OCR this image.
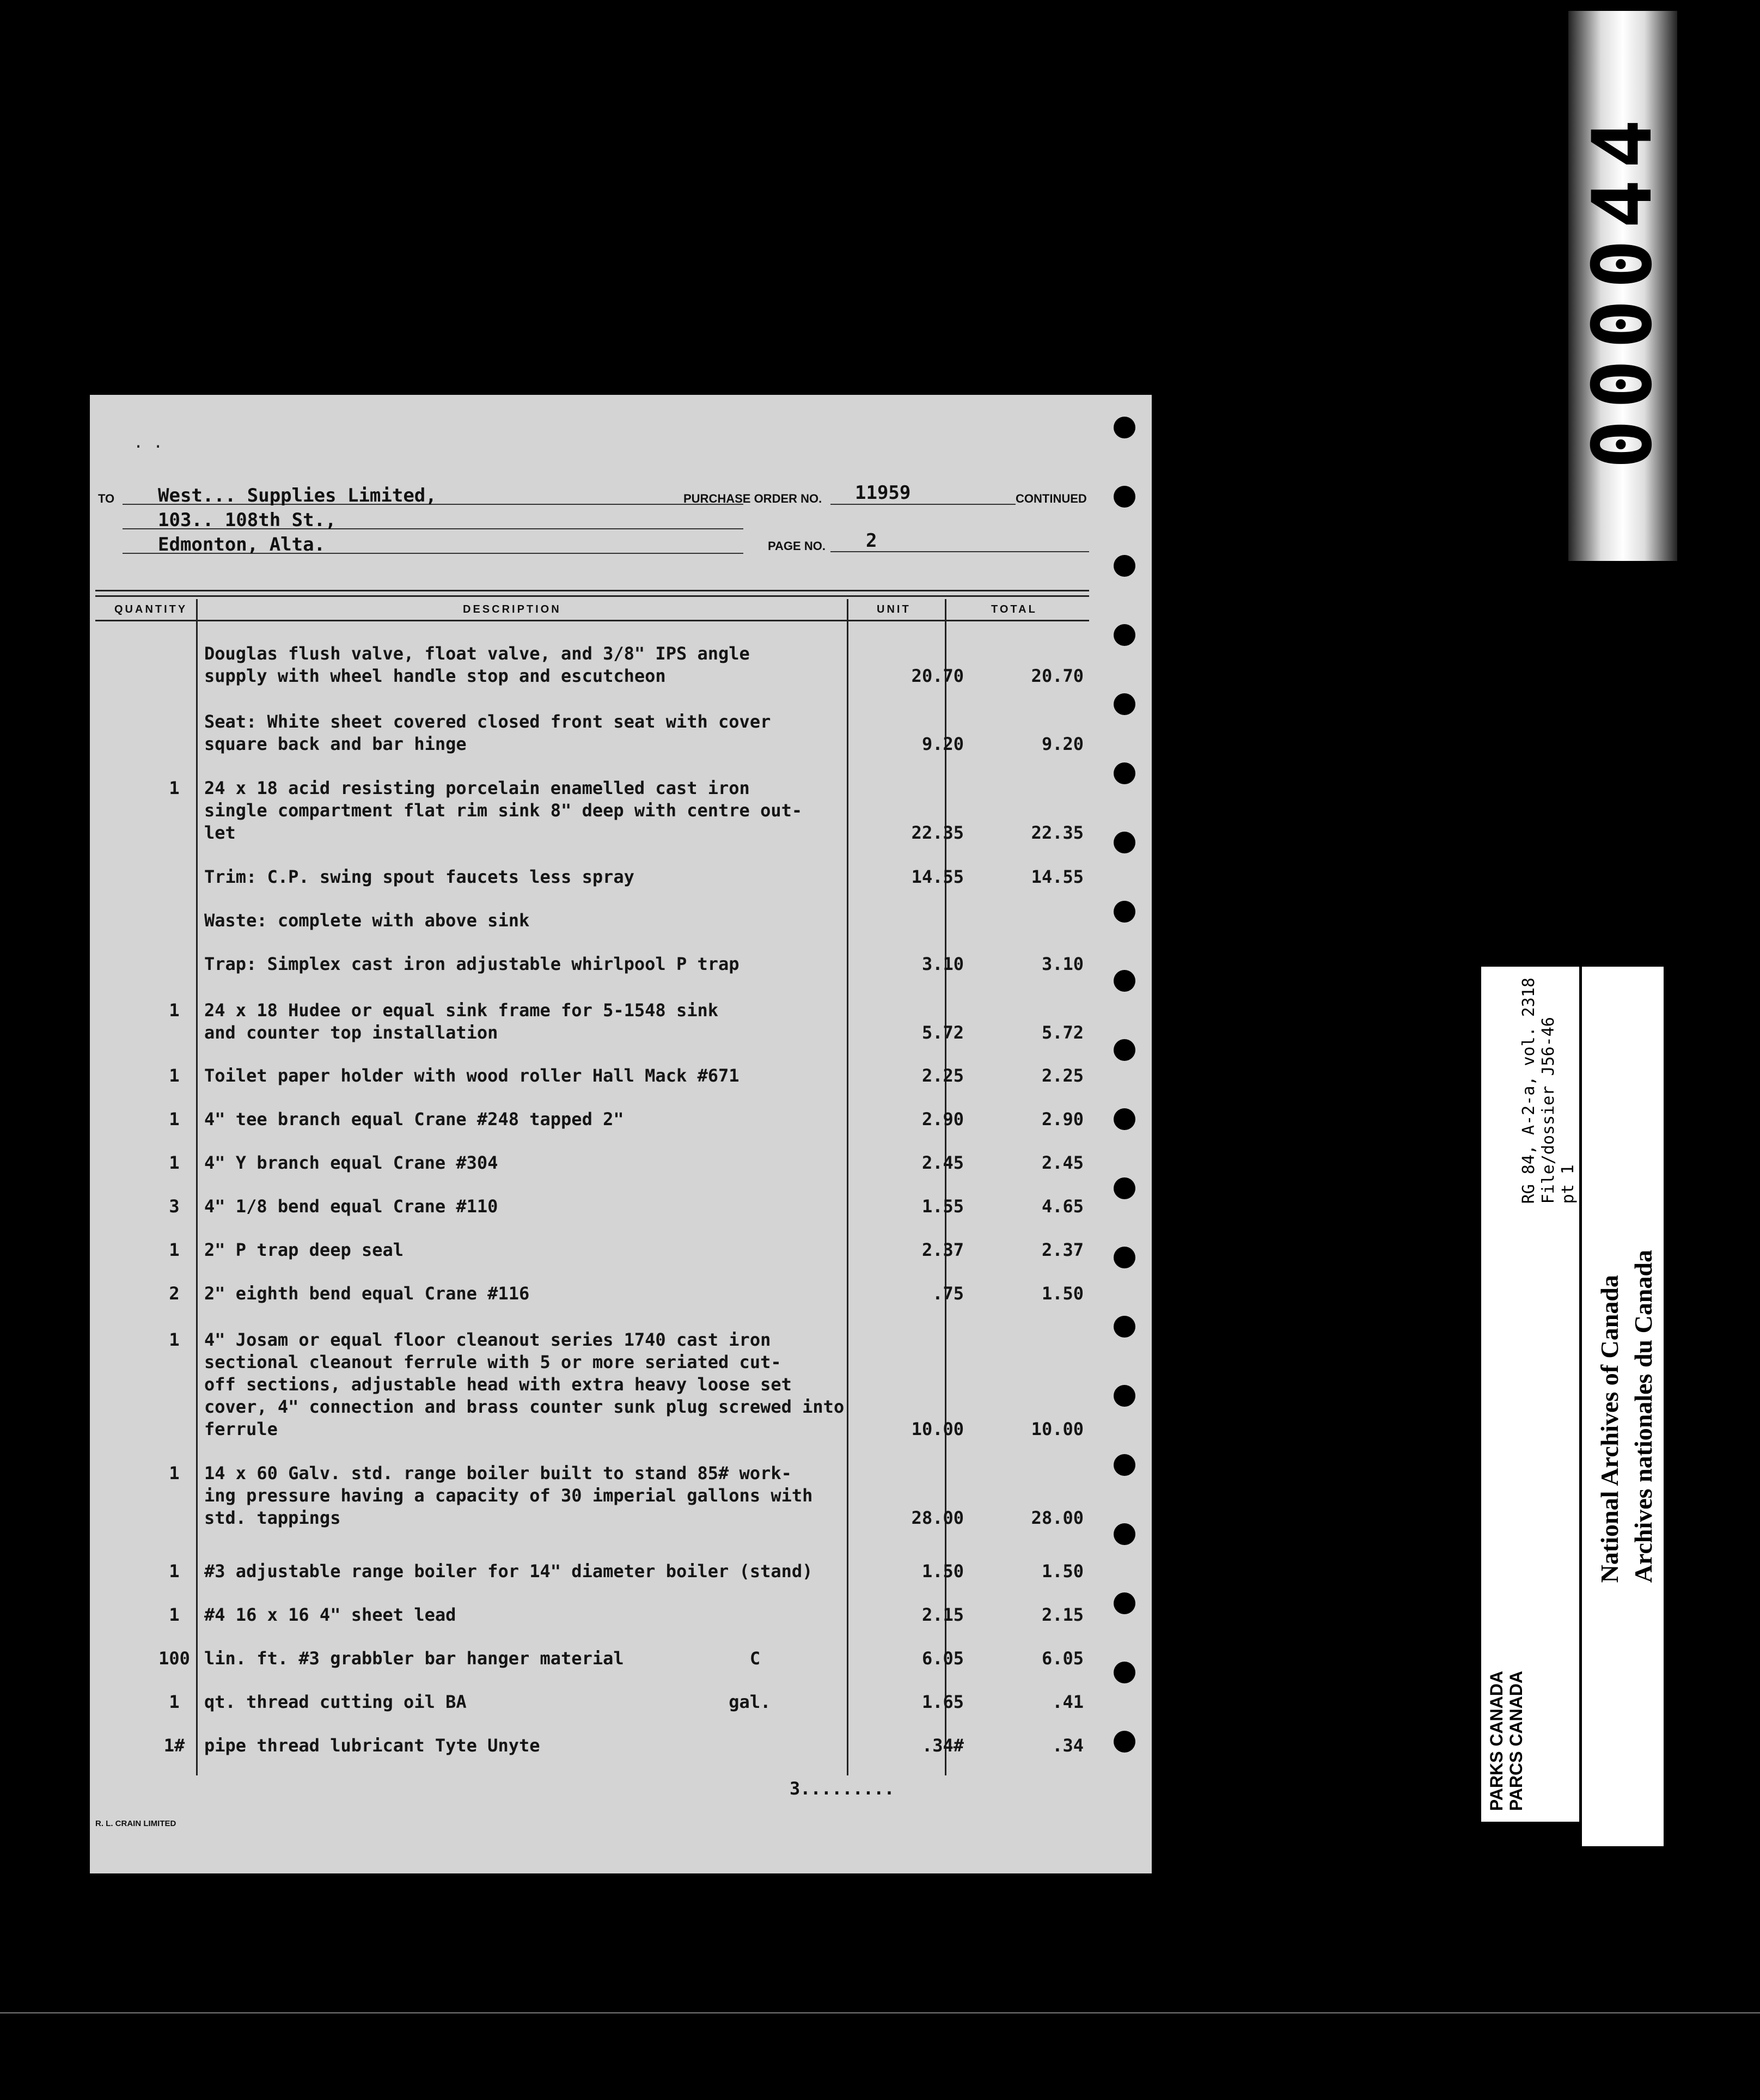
000044
. .
TO West... Supplies Limited,
103.. 108th St.,
Edmonton, Alta.
PURCHASE ORDER NO. 11959	CONTINUED
PAGE NO. 2
QUANTITY	DESCRIPTION	UNIT	TOTAL
Douglas flush valve, float valve, and 3/8" IPS angle
supply with wheel handle stop and escutcheon	20.70	20.70
Seat: White sheet covered closed front seat with cover
square back and bar hinge	9.20	9.20
1	24 x 18 acid resisting porcelain enamelled cast iron
single compartment flat rim sink 8" deep with centre out-
let	22.35	22.35
Trim: C.P. swing spout faucets less spray	14.55	14.55
Waste: complete with above sink
Trap: Simplex cast iron adjustable whirlpool P trap	3.10	3.10
1	24 x 18 Hudee or equal sink frame for 5-1548 sink
and counter top installation	5.72	5.72
1	Toilet paper holder with wood roller Hall Mack #671	2.25	2.25
1	4" tee branch equal Crane #248 tapped 2"	2.90	2.90
1	4" Y branch equal Crane #304	2.45	2.45
3	4" 1/8 bend equal Crane #110	1.55	4.65
1	2" P trap deep seal	2.37	2.37
2	2" eighth bend equal Crane #116	.75	1.50
1	4" Josam or equal floor cleanout series 1740 cast iron
sectional cleanout ferrule with 5 or more seriated cut-
off sections, adjustable head with extra heavy loose set
cover, 4" connection and brass counter sunk plug screwed into
ferrule	10.00	10.00
1	14 x 60 Galv. std. range boiler built to stand 85# work-
ing pressure having a capacity of 30 imperial gallons with
std. tappings	28.00	28.00
1	#3 adjustable range boiler for 14" diameter boiler (stand)	1.50	1.50
1	#4 16 x 16 4" sheet lead	2.15	2.15
100 lin. ft. #3 grabbler bar hanger material            C	6.05	6.05
1	qt. thread cutting oil BA                         gal.	1.65	.41
1#	pipe thread lubricant Tyte Unyte	.34#	.34
3.........
R. L. CRAIN LIMITED
PARKS CANADA
PARCS CANADA
RG 84, A-2-a, vol. 2318
File/dossier J56-46
pt 1
National Archives of Canada Archives nationales du Canada
